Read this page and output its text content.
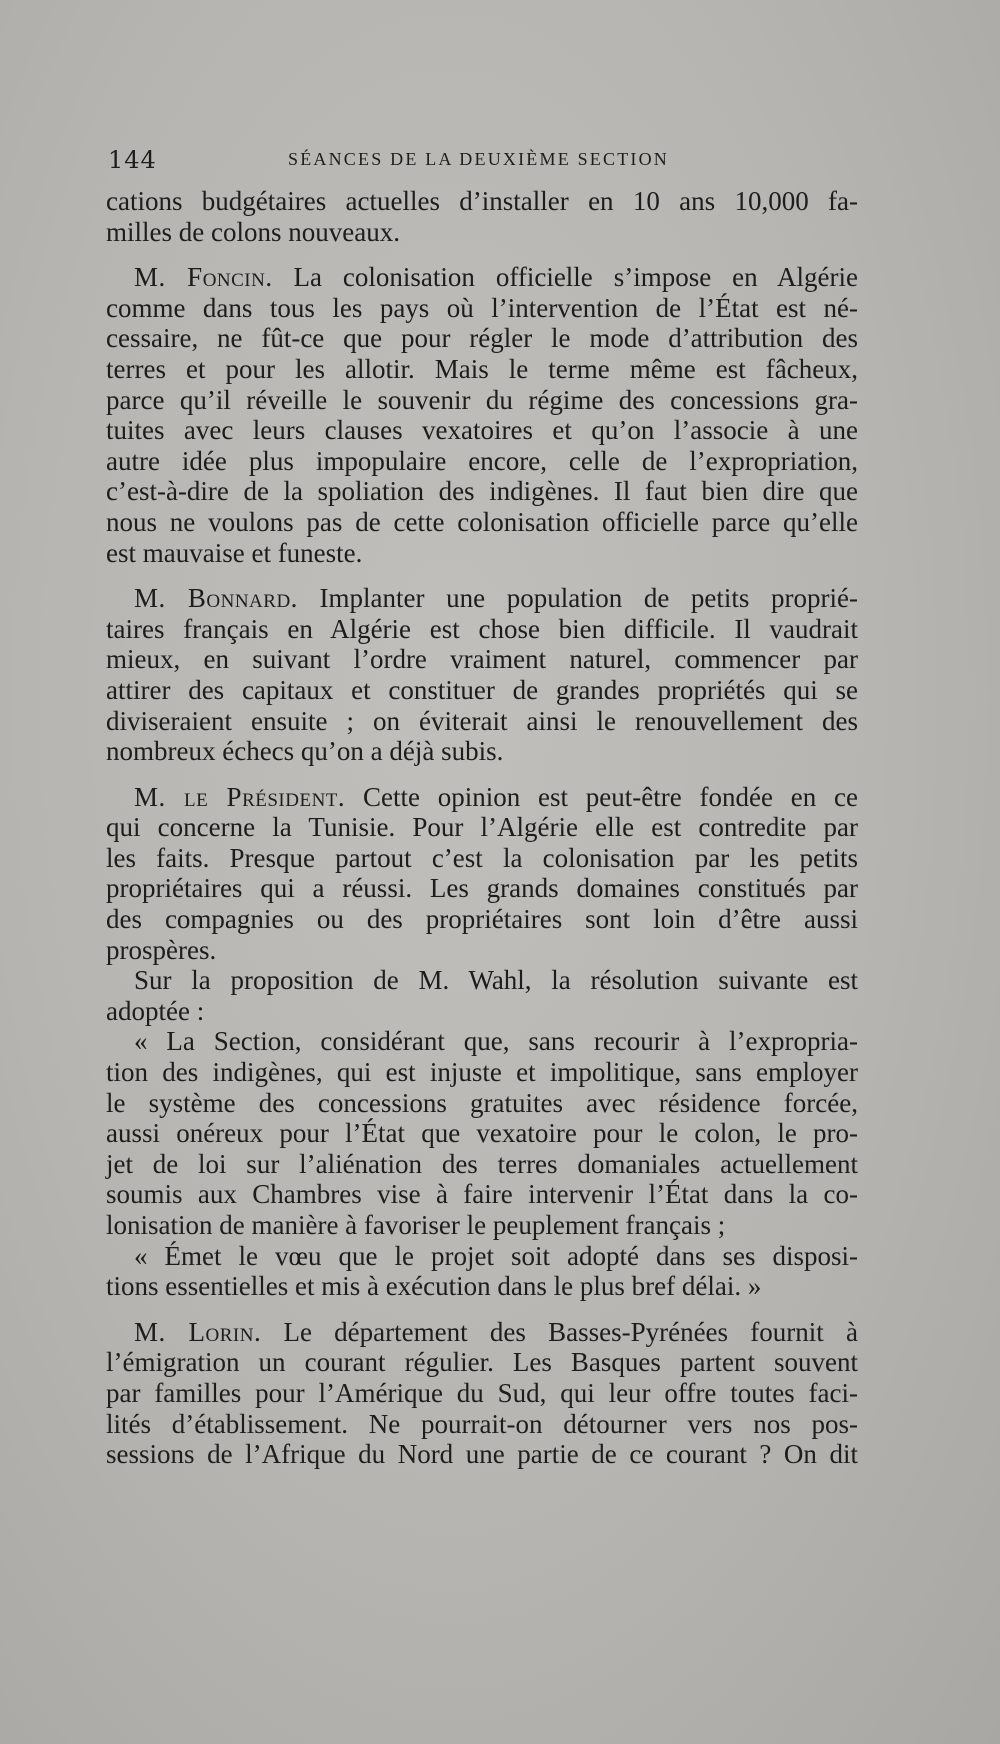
144	SÉANCES DE LA DEUXIÈME SECTION
cations budgétaires actuelles d’installer en 10 ans 10,000 fa-
milles de colons nouveaux.
M. Foncin. La colonisation officielle s’impose en Algérie
comme dans tous les pays où l’intervention de l’État est né-
cessaire, ne fût-ce que pour régler le mode d’attribution des
terres et pour les allotir. Mais le terme même est fâcheux,
parce qu’il réveille le souvenir du régime des concessions gra-
tuites avec leurs clauses vexatoires et qu’on l’associe à une
autre idée plus impopulaire encore, celle de l’expropriation,
c’est-à-dire de la spoliation des indigènes. Il faut bien dire que
nous ne voulons pas de cette colonisation officielle parce qu’elle
est mauvaise et funeste.
M. Bonnard. Implanter une population de petits proprié-
taires français en Algérie est chose bien difficile. Il vaudrait
mieux, en suivant l’ordre vraiment naturel, commencer par
attirer des capitaux et constituer de grandes propriétés qui se
diviseraient ensuite ; on éviterait ainsi le renouvellement des
nombreux échecs qu’on a déjà subis.
M. le Président. Cette opinion est peut-être fondée en ce
qui concerne la Tunisie. Pour l’Algérie elle est contredite par
les faits. Presque partout c’est la colonisation par les petits
propriétaires qui a réussi. Les grands domaines constitués par
des compagnies ou des propriétaires sont loin d’être aussi
prospères.
Sur la proposition de M. Wahl, la résolution suivante est
adoptée :
« La Section, considérant que, sans recourir à l’expropria-
tion des indigènes, qui est injuste et impolitique, sans employer
le système des concessions gratuites avec résidence forcée,
aussi onéreux pour l’État que vexatoire pour le colon, le pro-
jet de loi sur l’aliénation des terres domaniales actuellement
soumis aux Chambres vise à faire intervenir l’État dans la co-
lonisation de manière à favoriser le peuplement français ;
« Émet le vœu que le projet soit adopté dans ses disposi-
tions essentielles et mis à exécution dans le plus bref délai. »
M. Lorin. Le département des Basses-Pyrénées fournit à
l’émigration un courant régulier. Les Basques partent souvent
par familles pour l’Amérique du Sud, qui leur offre toutes faci-
lités d’établissement. Ne pourrait-on détourner vers nos pos-
sessions de l’Afrique du Nord une partie de ce courant ? On dit
